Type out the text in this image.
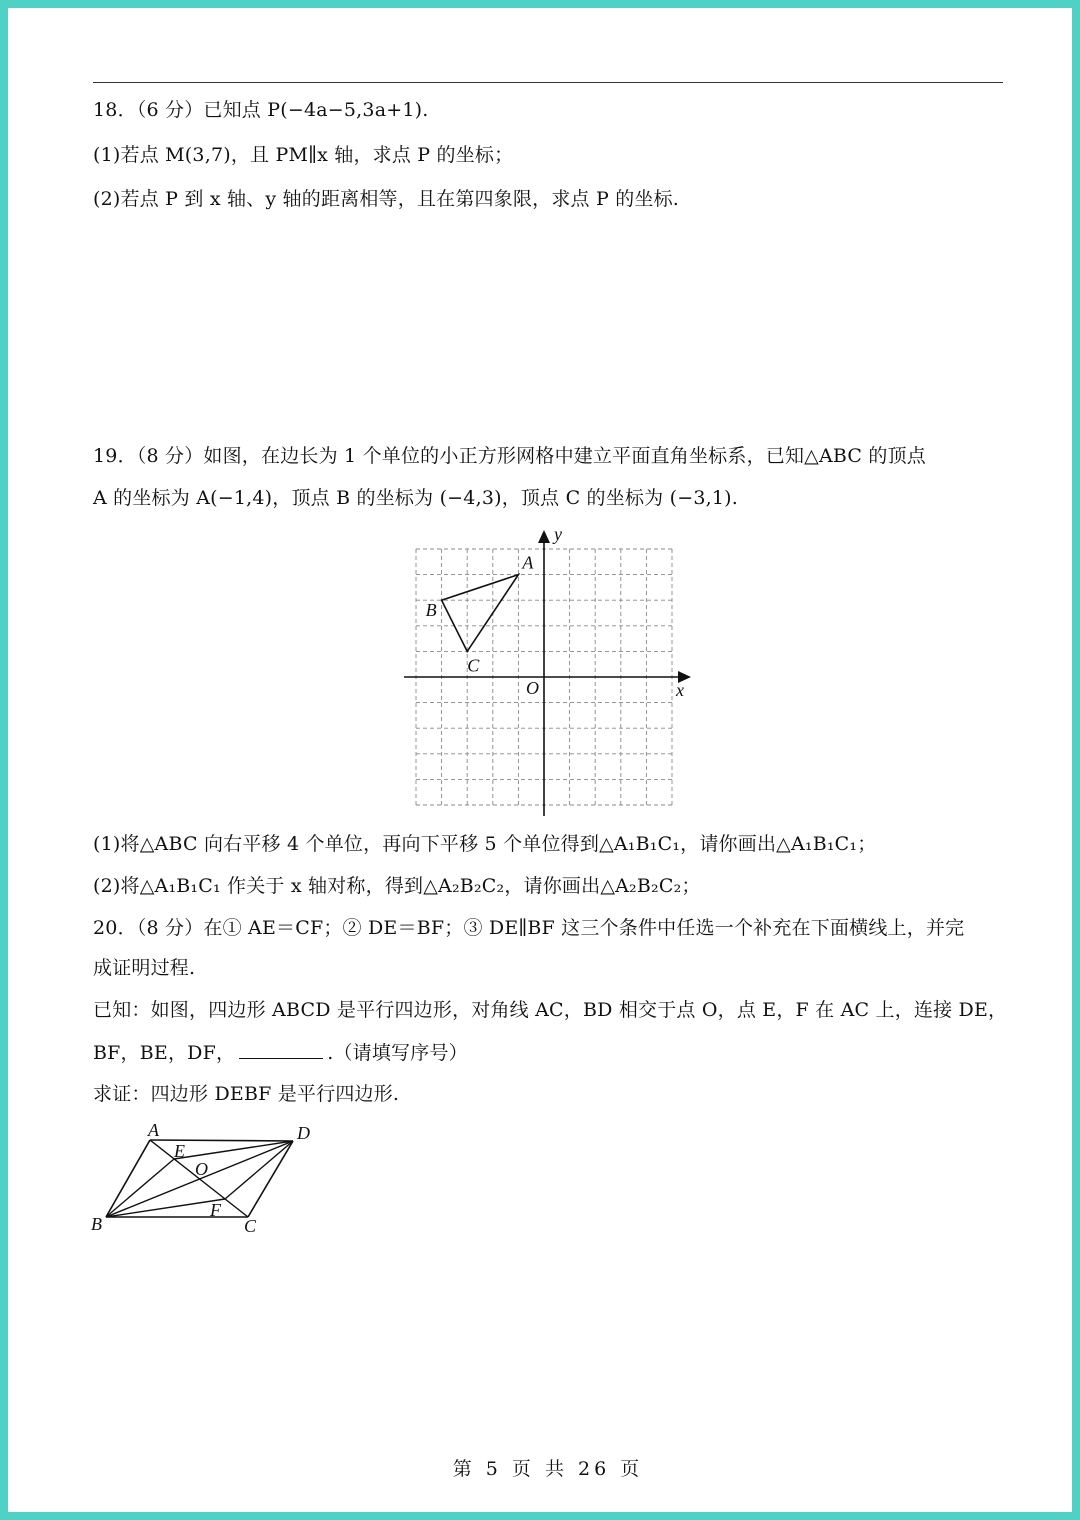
18．（6 分）已知点 P(−4a−5,3a+1).
(1)若点 M(3,7)，且 PM∥x 轴，求点 P 的坐标；
(2)若点 P 到 x 轴、y 轴的距离相等，且在第四象限，求点 P 的坐标.
19．（8 分）如图，在边长为 1 个单位的小正方形网格中建立平面直角坐标系，已知△ABC 的顶点
A 的坐标为 A(−1,4)，顶点 B 的坐标为 (−4,3)，顶点 C 的坐标为 (−3,1).
x
y
O
A
B
C
(1)将△ABC 向右平移 4 个单位，再向下平移 5 个单位得到△A₁B₁C₁，请你画出△A₁B₁C₁；
(2)将△A₁B₁C₁ 作关于 x 轴对称，得到△A₂B₂C₂，请你画出△A₂B₂C₂；
20．（8 分）在① AE＝CF；② DE＝BF；③ DE∥BF 这三个条件中任选一个补充在下面横线上，并完
成证明过程.
已知：如图，四边形 ABCD 是平行四边形，对角线 AC，BD 相交于点 O，点 E，F 在 AC 上，连接 DE，
BF，BE，DF，	.（请填写序号）
求证：四边形 DEBF 是平行四边形.
A	D
B	C
E
F
O
第 5 页 共 26 页
